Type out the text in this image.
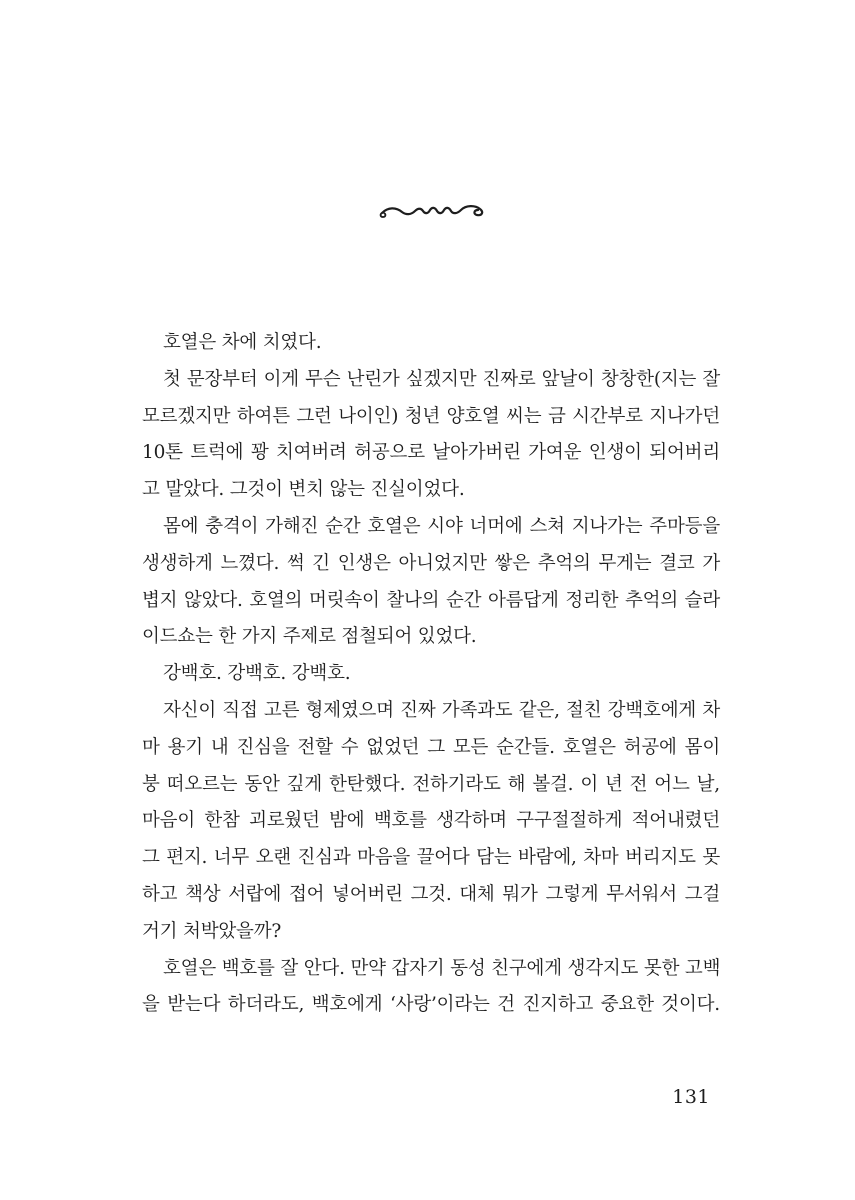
호열은 차에 치였다.
첫 문장부터 이게 무슨 난린가 싶겠지만 진짜로 앞날이 창창한(지는 잘
모르겠지만 하여튼 그런 나이인) 청년 양호열 씨는 금 시간부로 지나가던
10톤 트럭에 꽝 치여버려 허공으로 날아가버린 가여운 인생이 되어버리
고 말았다. 그것이 변치 않는 진실이었다.
몸에 충격이 가해진 순간 호열은 시야 너머에 스쳐 지나가는 주마등을
생생하게 느꼈다. 썩 긴 인생은 아니었지만 쌓은 추억의 무게는 결코 가
볍지 않았다. 호열의 머릿속이 찰나의 순간 아름답게 정리한 추억의 슬라
이드쇼는 한 가지 주제로 점철되어 있었다.
강백호. 강백호. 강백호.
자신이 직접 고른 형제였으며 진짜 가족과도 같은, 절친 강백호에게 차
마 용기 내 진심을 전할 수 없었던 그 모든 순간들. 호열은 허공에 몸이
붕 떠오르는 동안 깊게 한탄했다. 전하기라도 해 볼걸. 이 년 전 어느 날,
마음이 한참 괴로웠던 밤에 백호를 생각하며 구구절절하게 적어내렸던
그 편지. 너무 오랜 진심과 마음을 끌어다 담는 바람에, 차마 버리지도 못
하고 책상 서랍에 접어 넣어버린 그것. 대체 뭐가 그렇게 무서워서 그걸
거기 처박았을까?
호열은 백호를 잘 안다. 만약 갑자기 동성 친구에게 생각지도 못한 고백
을 받는다 하더라도, 백호에게 ‘사랑’이라는 건 진지하고 중요한 것이다.
131
